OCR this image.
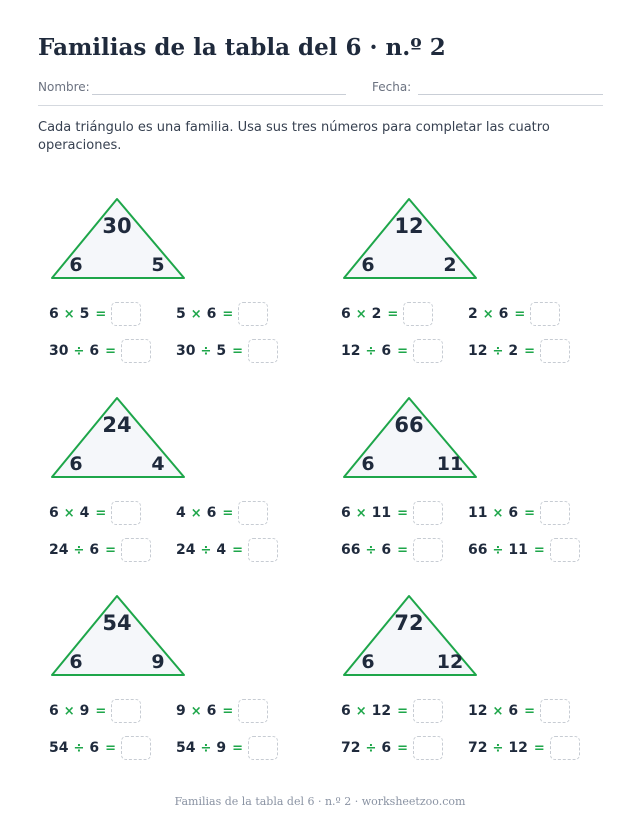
Familias de la tabla del 6 · n.º 2
Nombre:	Fecha:

Cada triángulo es una familia. Usa sus tres números para completar las cuatro operaciones.

30
6	5
6 × 5 =	5 × 6 =
30 ÷ 6 =	30 ÷ 5 =
12
6	2
6 × 2 =	2 × 6 =
12 ÷ 6 =	12 ÷ 2 =
24
6	4
6 × 4 =	4 × 6 =
24 ÷ 6 =	24 ÷ 4 =
66
6	11
6 × 11 =	11 × 6 =
66 ÷ 6 =	66 ÷ 11 =
54
6	9
6 × 9 =	9 × 6 =
54 ÷ 6 =	54 ÷ 9 =
72
6	12
6 × 12 =	12 × 6 =
72 ÷ 6 =	72 ÷ 12 =
Familias de la tabla del 6 · n.º 2 · worksheetzoo.com
